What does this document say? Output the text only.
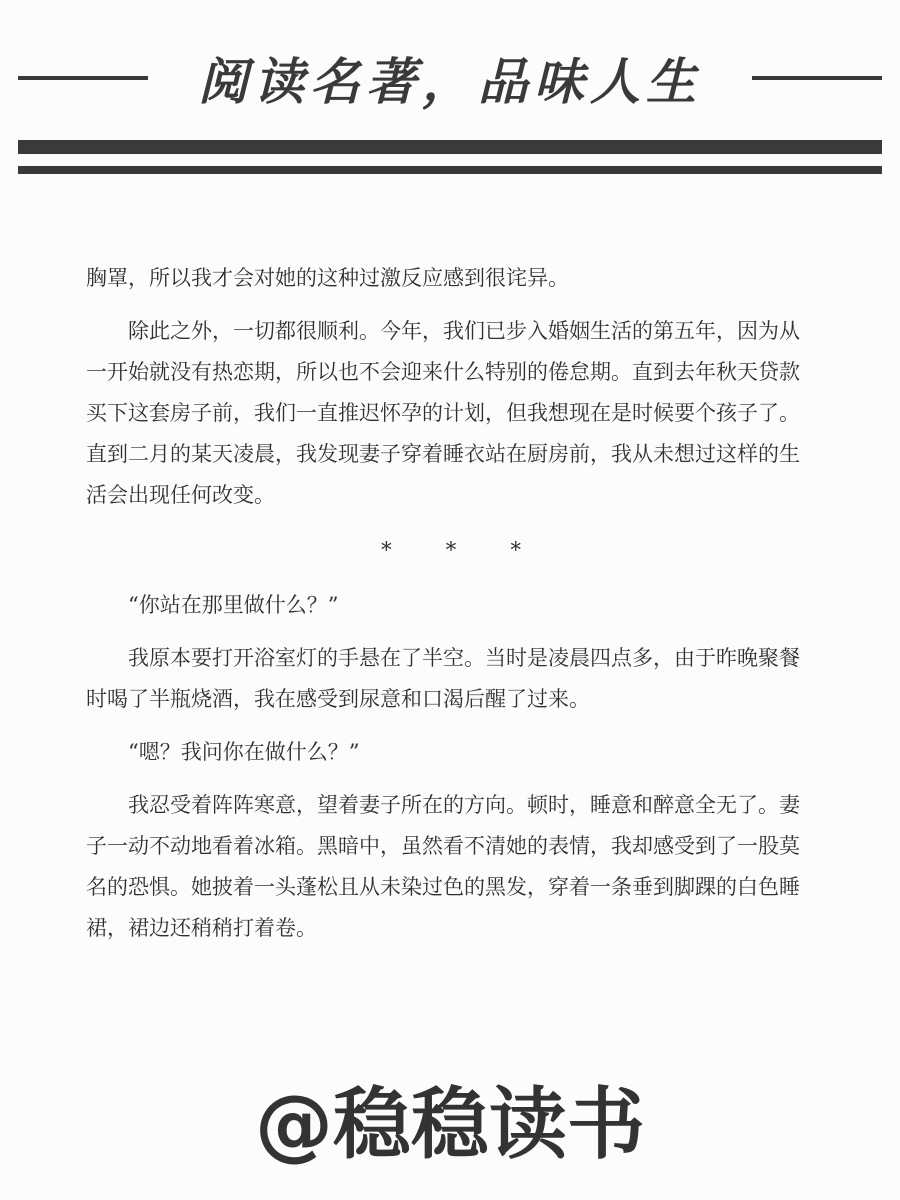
阅读名著，品味人生

胸罩，所以我才会对她的这种过激反应感到很诧异。

除此之外，一切都很顺利。今年，我们已步入婚姻生活的第五年，因为从一开始就没有热恋期，所以也不会迎来什么特别的倦怠期。直到去年秋天贷款买下这套房子前，我们一直推迟怀孕的计划，但我想现在是时候要个孩子了。直到二月的某天凌晨，我发现妻子穿着睡衣站在厨房前，我从未想过这样的生活会出现任何改变。

*	*	*

“你站在那里做什么？”

我原本要打开浴室灯的手悬在了半空。当时是凌晨四点多，由于昨晚聚餐时喝了半瓶烧酒，我在感受到尿意和口渴后醒了过来。

“嗯？我问你在做什么？”

我忍受着阵阵寒意，望着妻子所在的方向。顿时，睡意和醉意全无了。妻子一动不动地看着冰箱。黑暗中，虽然看不清她的表情，我却感受到了一股莫名的恐惧。她披着一头蓬松且从未染过色的黑发，穿着一条垂到脚踝的白色睡裙，裙边还稍稍打着卷。

@稳稳读书
